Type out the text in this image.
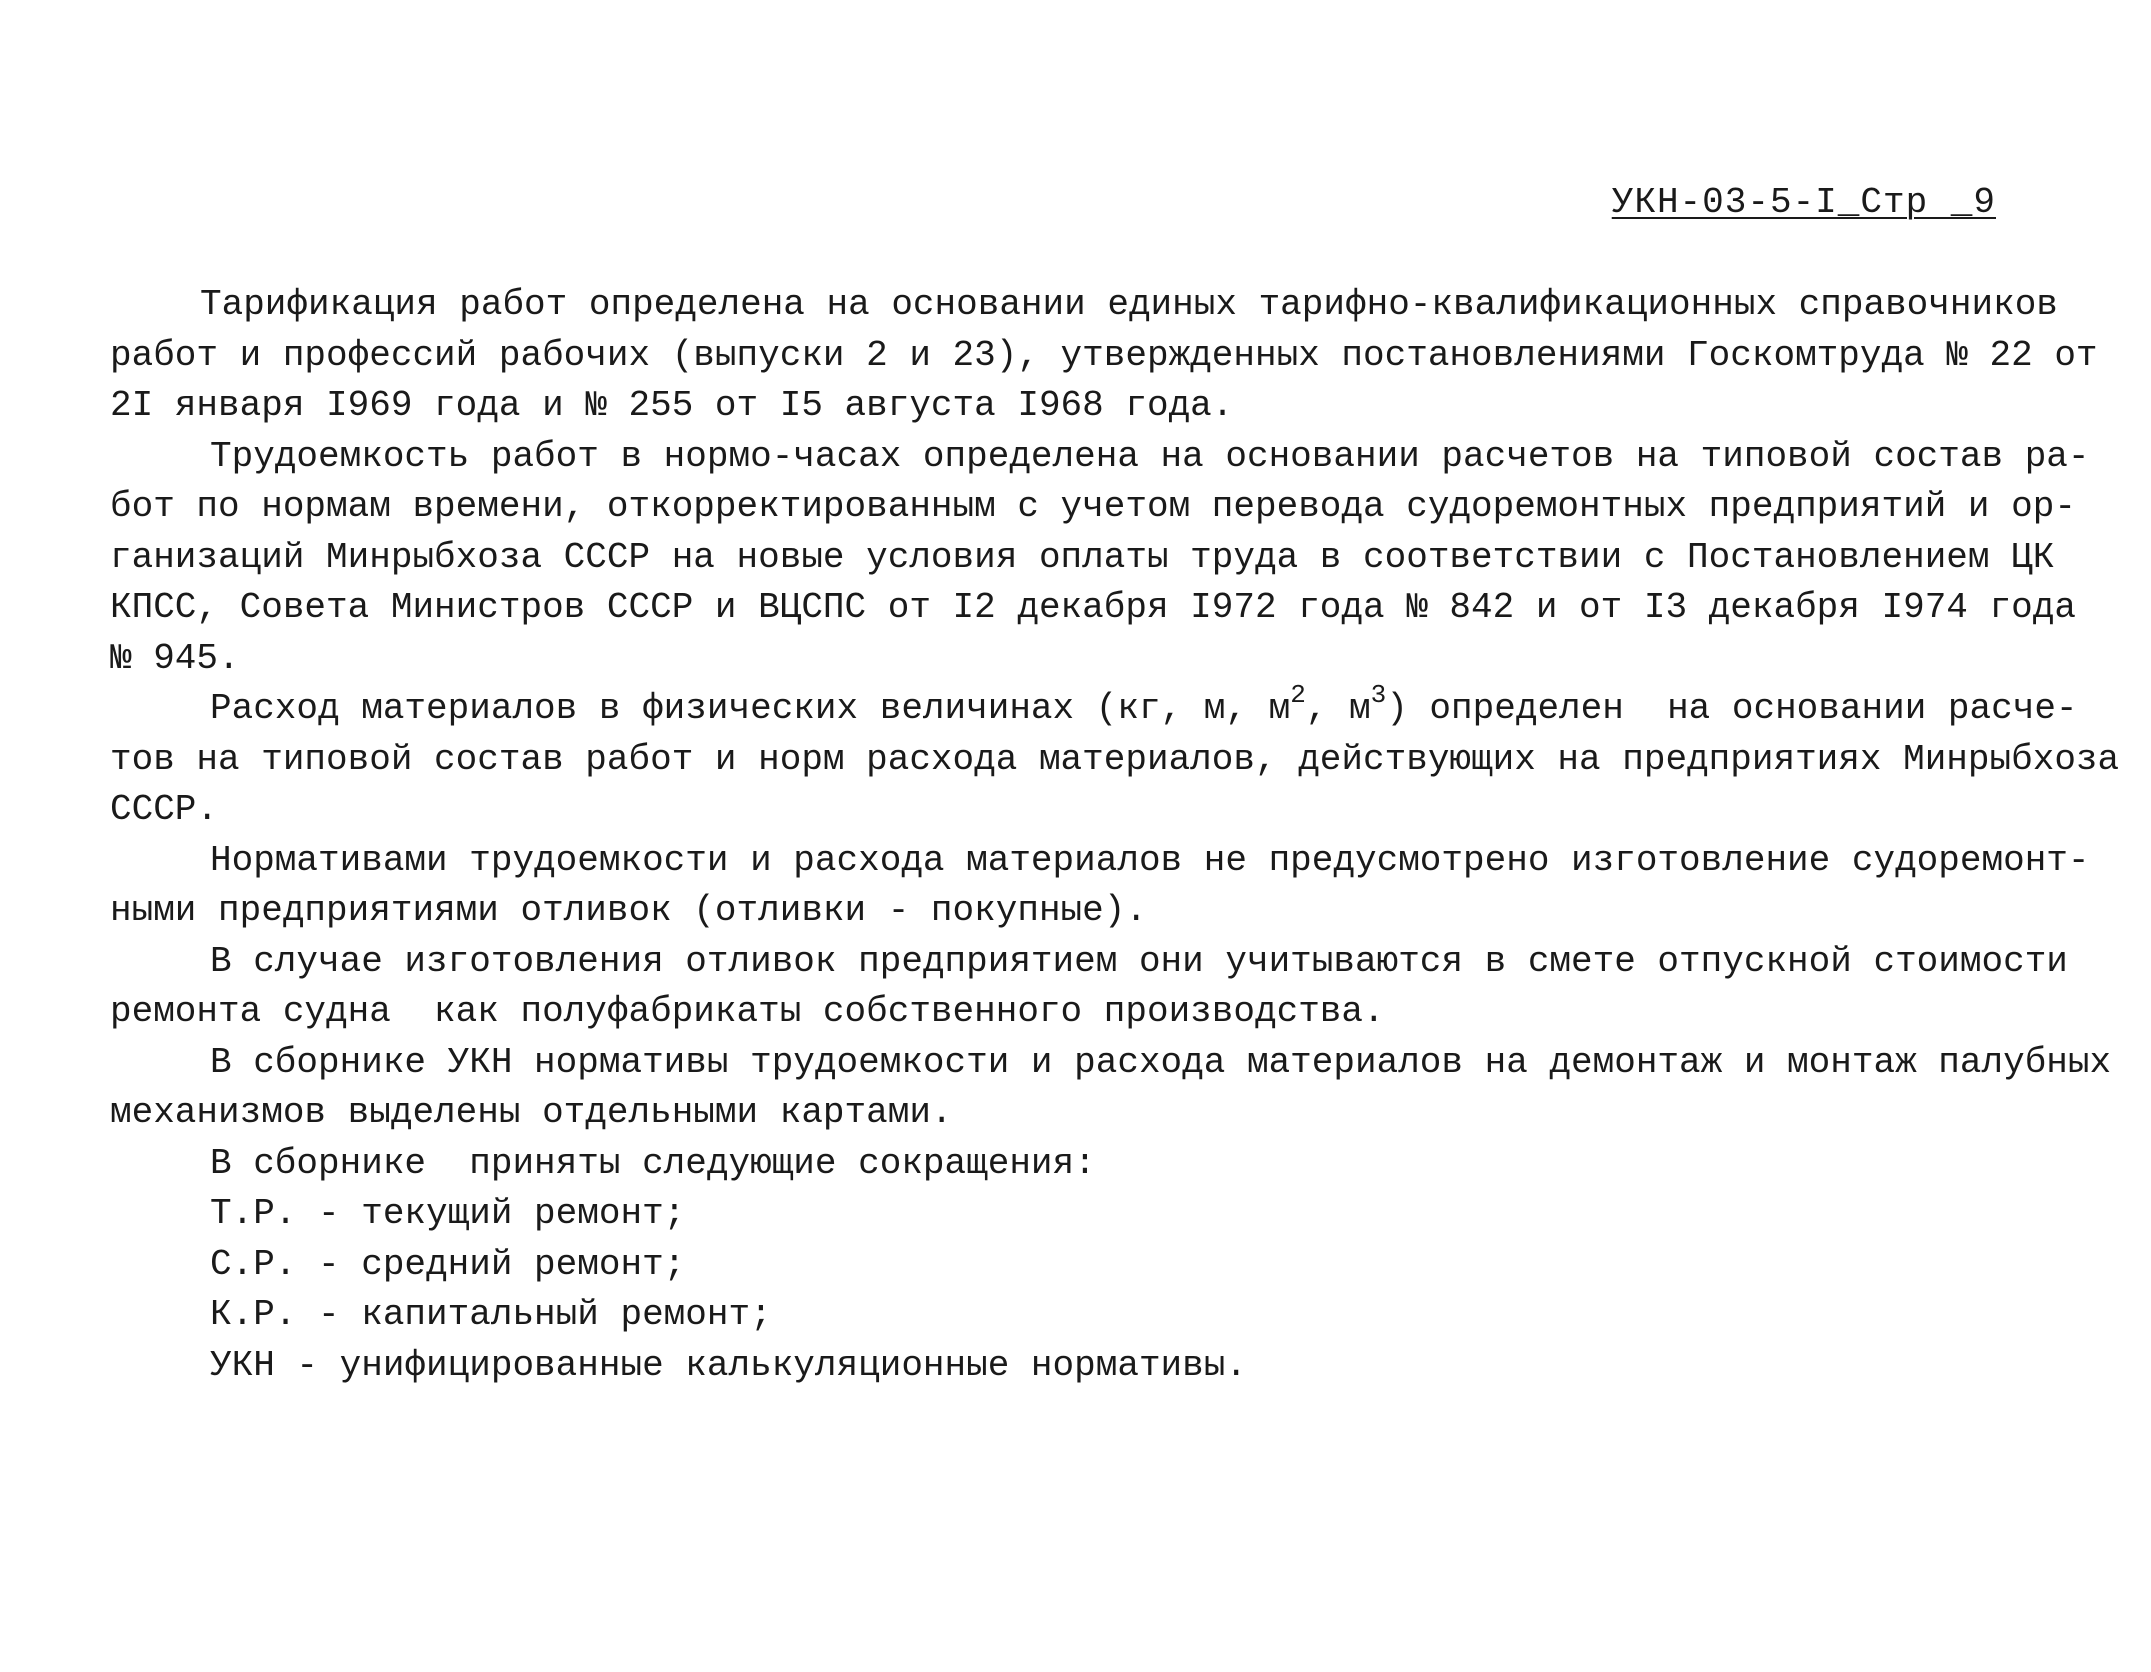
УКН-03-5-І_Стр _9
Тарификация работ определена на основании единых тарифно-квалификационных справочников
работ и профессий рабочих (выпуски 2 и 23), утвержденных постановлениями Госкомтруда № 22 от
2І января І969 года и № 255 от І5 августа І968 года.
Трудоемкость работ в нормо-часах определена на основании расчетов на типовой состав ра-
бот по нормам времени, откорректированным с учетом перевода судоремонтных предприятий и ор-
ганизаций Минрыбхоза СССР на новые условия оплаты труда в соответствии с Постановлением ЦК
КПСС, Совета Министров СССР и ВЦСПС от І2 декабря І972 года № 842 и от І3 декабря І974 года
№ 945.
Расход материалов в физических величинах (кг, м, $м^2$, $м^3$) определен  на основании расче-
тов на типовой состав работ и норм расхода материалов, действующих на предприятиях Минрыбхоза
СССР.
Нормативами трудоемкости и расхода материалов не предусмотрено изготовление судоремонт-
ными предприятиями отливок (отливки - покупные).
В случае изготовления отливок предприятием они учитываются в смете отпускной стоимости
ремонта судна  как полуфабрикаты собственного производства.
В сборнике УКН нормативы трудоемкости и расхода материалов на демонтаж и монтаж палубных
механизмов выделены отдельными картами.
В сборнике  приняты следующие сокращения:
Т.Р. - текущий ремонт;
С.Р. - средний ремонт;
К.Р. - капитальный ремонт;
УКН - унифицированные калькуляционные нормативы.
